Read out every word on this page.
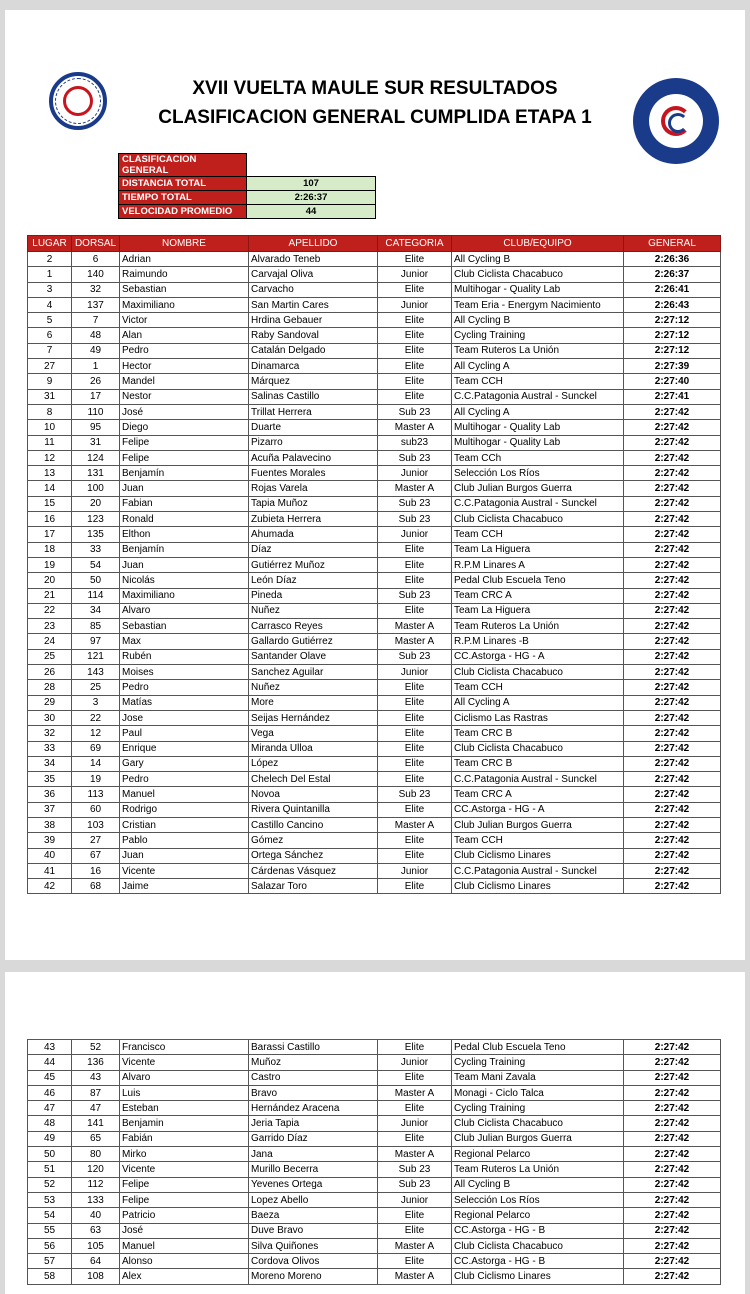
XVII VUELTA MAULE SUR RESULTADOS
CLASIFICACION GENERAL CUMPLIDA ETAPA 1
CLASIFICACION GENERAL	
DISTANCIA TOTAL	107
TIEMPO TOTAL	2:26:37
VELOCIDAD PROMEDIO	44
LUGAR	DORSAL	NOMBRE	APELLIDO	CATEGORIA	CLUB/EQUIPO	GENERAL
2	6	Adrian	Alvarado Teneb	Elite	All Cycling B	2:26:36
1	140	Raimundo	Carvajal Oliva	Junior	Club Ciclista Chacabuco	2:26:37
3	32	Sebastian	Carvacho	Elite	Multihogar - Quality Lab	2:26:41
4	137	Maximiliano	San Martin Cares	Junior	Team Eria - Energym Nacimiento	2:26:43
5	7	Victor	Hrdina Gebauer	Elite	All Cycling B	2:27:12
6	48	Alan	Raby Sandoval	Elite	Cycling Training	2:27:12
7	49	Pedro	Catalán Delgado	Elite	Team Ruteros La Unión	2:27:12
27	1	Hector	Dinamarca	Elite	All Cycling A	2:27:39
9	26	Mandel	Márquez	Elite	Team CCH	2:27:40
31	17	Nestor	Salinas Castillo	Elite	C.C.Patagonia Austral - Sunckel	2:27:41
8	110	José	Trillat Herrera	Sub 23	All Cycling A	2:27:42
10	95	Diego	Duarte	Master A	Multihogar - Quality Lab	2:27:42
11	31	Felipe	Pizarro	sub23	Multihogar - Quality Lab	2:27:42
12	124	Felipe	Acuña Palavecino	Sub 23	Team CCh	2:27:42
13	131	Benjamín	Fuentes Morales	Junior	Selección Los Ríos	2:27:42
14	100	Juan	Rojas Varela	Master A	Club Julian Burgos Guerra	2:27:42
15	20	Fabian	Tapia Muñoz	Sub 23	C.C.Patagonia Austral - Sunckel	2:27:42
16	123	Ronald	Zubieta Herrera	Sub 23	Club Ciclista Chacabuco	2:27:42
17	135	Elthon	Ahumada	Junior	Team CCH	2:27:42
18	33	Benjamín	Díaz	Elite	Team La Higuera	2:27:42
19	54	Juan	Gutiérrez Muñoz	Elite	R.P.M Linares A	2:27:42
20	50	Nicolás	León Díaz	Elite	Pedal Club Escuela Teno	2:27:42
21	114	Maximiliano	Pineda	Sub 23	Team CRC A	2:27:42
22	34	Alvaro	Nuñez	Elite	Team La Higuera	2:27:42
23	85	Sebastian	Carrasco Reyes	Master A	Team Ruteros La Unión	2:27:42
24	97	Max	Gallardo Gutiérrez	Master A	R.P.M Linares -B	2:27:42
25	121	Rubén	Santander Olave	Sub 23	CC.Astorga - HG - A	2:27:42
26	143	Moises	Sanchez Aguilar	Junior	Club Ciclista Chacabuco	2:27:42
28	25	Pedro	Nuñez	Elite	Team CCH	2:27:42
29	3	Matías	More	Elite	All Cycling A	2:27:42
30	22	Jose	Seijas Hernández	Elite	Ciclismo Las Rastras	2:27:42
32	12	Paul	Vega	Elite	Team CRC B	2:27:42
33	69	Enrique	Miranda Ulloa	Elite	Club Ciclista Chacabuco	2:27:42
34	14	Gary	López	Elite	Team CRC B	2:27:42
35	19	Pedro	Chelech Del Estal	Elite	C.C.Patagonia Austral - Sunckel	2:27:42
36	113	Manuel	Novoa	Sub 23	Team CRC A	2:27:42
37	60	Rodrigo	Rivera Quintanilla	Elite	CC.Astorga - HG - A	2:27:42
38	103	Cristian	Castillo Cancino	Master A	Club Julian Burgos Guerra	2:27:42
39	27	Pablo	Gómez	Elite	Team CCH	2:27:42
40	67	Juan	Ortega Sánchez	Elite	Club Ciclismo Linares	2:27:42
41	16	Vicente	Cárdenas Vásquez	Junior	C.C.Patagonia Austral - Sunckel	2:27:42
42	68	Jaime	Salazar Toro	Elite	Club Ciclismo Linares	2:27:42
43	52	Francisco	Barassi Castillo	Elite	Pedal Club Escuela Teno	2:27:42
44	136	Vicente	Muñoz	Junior	Cycling Training	2:27:42
45	43	Alvaro	Castro	Elite	Team Mani Zavala	2:27:42
46	87	Luis	Bravo	Master A	Monagi - Ciclo Talca	2:27:42
47	47	Esteban	Hernández Aracena	Elite	Cycling Training	2:27:42
48	141	Benjamin	Jeria Tapia	Junior	Club Ciclista Chacabuco	2:27:42
49	65	Fabián	Garrido Díaz	Elite	Club Julian Burgos Guerra	2:27:42
50	80	Mirko	Jana	Master A	Regional Pelarco	2:27:42
51	120	Vicente	Murillo Becerra	Sub 23	Team Ruteros La Unión	2:27:42
52	112	Felipe	Yevenes Ortega	Sub 23	All Cycling B	2:27:42
53	133	Felipe	Lopez Abello	Junior	Selección Los Ríos	2:27:42
54	40	Patricio	Baeza	Elite	Regional Pelarco	2:27:42
55	63	José	Duve Bravo	Elite	CC.Astorga - HG - B	2:27:42
56	105	Manuel	Silva Quiñones	Master A	Club Ciclista Chacabuco	2:27:42
57	64	Alonso	Cordova Olivos	Elite	CC.Astorga - HG - B	2:27:42
58	108	Alex	Moreno Moreno	Master A	Club Ciclismo Linares	2:27:42
